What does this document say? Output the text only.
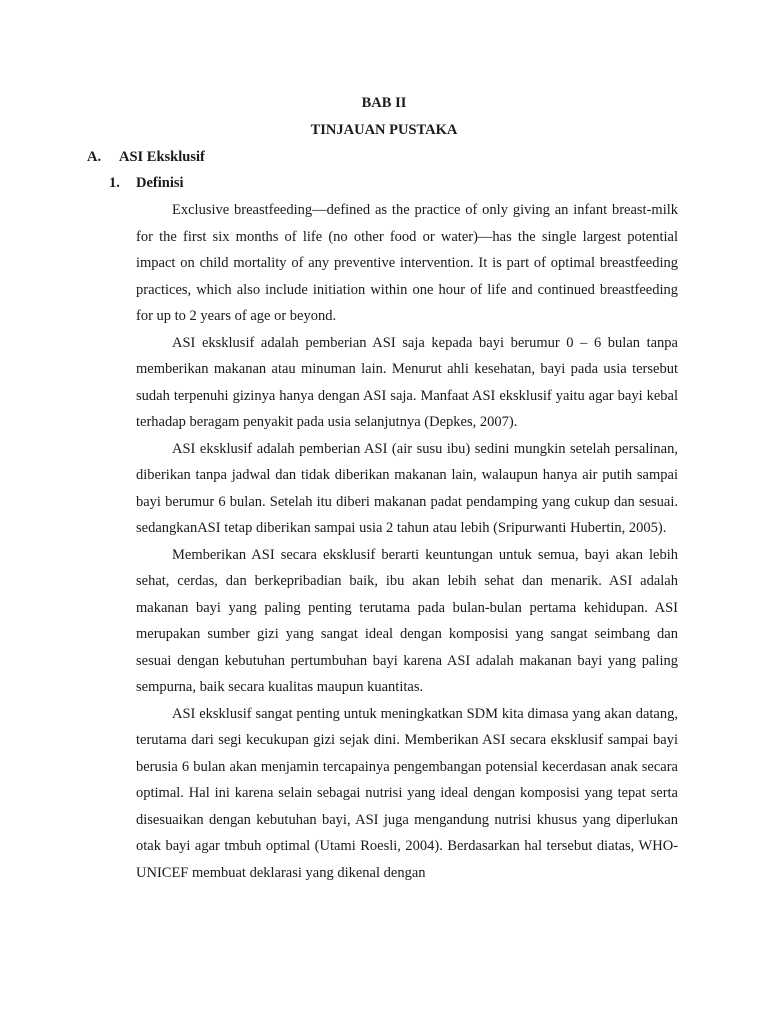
BAB II
TINJAUAN PUSTAKA
A. ASI Eksklusif
1. Definisi

Exclusive breastfeeding—defined as the practice of only giving an infant breast-milk for the first six months of life (no other food or water)—has the single largest potential impact on child mortality of any preventive intervention. It is part of optimal breastfeeding practices, which also include initiation within one hour of life and continued breastfeeding for up to 2 years of age or beyond.

ASI eksklusif adalah pemberian ASI saja kepada bayi berumur 0 – 6 bulan tanpa memberikan makanan atau minuman lain. Menurut ahli kesehatan, bayi pada usia tersebut sudah terpenuhi gizinya hanya dengan ASI saja. Manfaat ASI eksklusif yaitu agar bayi kebal terhadap beragam penyakit pada usia selanjutnya (Depkes, 2007).

ASI eksklusif adalah pemberian ASI (air susu ibu) sedini mungkin setelah persalinan, diberikan tanpa jadwal dan tidak diberikan makanan lain, walaupun hanya air putih sampai bayi berumur 6 bulan. Setelah itu diberi makanan padat pendamping yang cukup dan sesuai. sedangkanASI tetap diberikan sampai usia 2 tahun atau lebih (Sripurwanti Hubertin, 2005).

Memberikan ASI secara eksklusif berarti keuntungan untuk semua, bayi akan lebih sehat, cerdas, dan berkepribadian baik, ibu akan lebih sehat dan menarik. ASI adalah makanan bayi yang paling penting terutama pada bulan-bulan pertama kehidupan. ASI merupakan sumber gizi yang sangat ideal dengan komposisi yang sangat seimbang dan sesuai dengan kebutuhan pertumbuhan bayi karena ASI adalah makanan bayi yang paling sempurna, baik secara kualitas maupun kuantitas.

ASI eksklusif sangat penting untuk meningkatkan SDM kita dimasa yang akan datang, terutama dari segi kecukupan gizi sejak dini. Memberikan ASI secara eksklusif sampai bayi berusia 6 bulan akan menjamin tercapainya pengembangan potensial kecerdasan anak secara optimal. Hal ini karena selain sebagai nutrisi yang ideal dengan komposisi yang tepat serta disesuaikan dengan kebutuhan bayi, ASI juga mengandung nutrisi khusus yang diperlukan otak bayi agar tmbuh optimal (Utami Roesli, 2004). Berdasarkan hal tersebut diatas, WHO-UNICEF membuat deklarasi yang dikenal dengan
